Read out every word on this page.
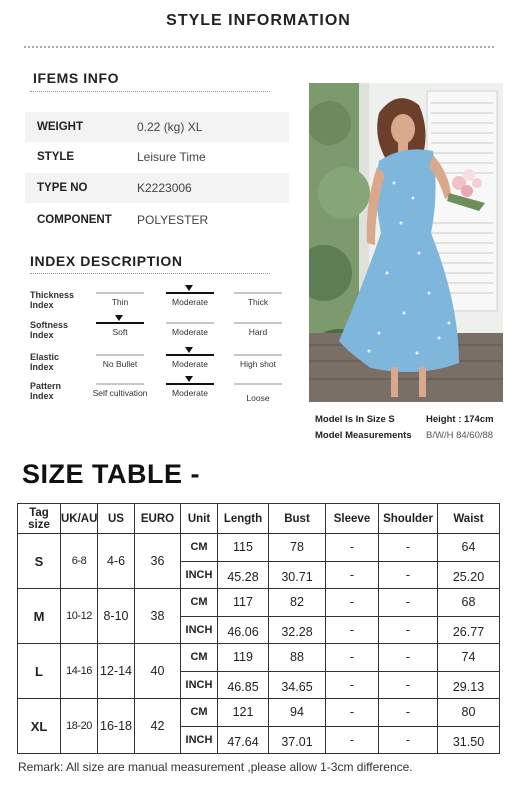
STYLE INFORMATION
IFEMS INFO
WEIGHT	0.22 (kg) XL
STYLE	Leisure Time
TYPE NO	K2223006
COMPONENT	POLYESTER
INDEX DESCRIPTION
Thickness Index	Thin	Moderate	Thick
Softness Index	Soft	Moderate	Hard
Elastic Index	No Bullet	Moderate	High shot
Pattern Index	Self cultivation	Moderate	Loose
Model Is In Size S
Model Measurements
Height : 174cm
B/W/H 84/60/88
SIZE TABLE -
Tag size	UK/AU	US	EURO	Unit	Length	Bust	Sleeve	Shoulder	Waist
S	6-8	4-6	36	CM	115	78	-	-	64
				INCH	45.28	30.71	-	-	25.20
M	10-12	8-10	38	CM	117	82	-	-	68
				INCH	46.06	32.28	-	-	26.77
L	14-16	12-14	40	CM	119	88	-	-	74
				INCH	46.85	34.65	-	-	29.13
XL	18-20	16-18	42	CM	121	94	-	-	80
				INCH	47.64	37.01	-	-	31.50
Remark: All size are manual measurement ,please allow 1-3cm difference.
